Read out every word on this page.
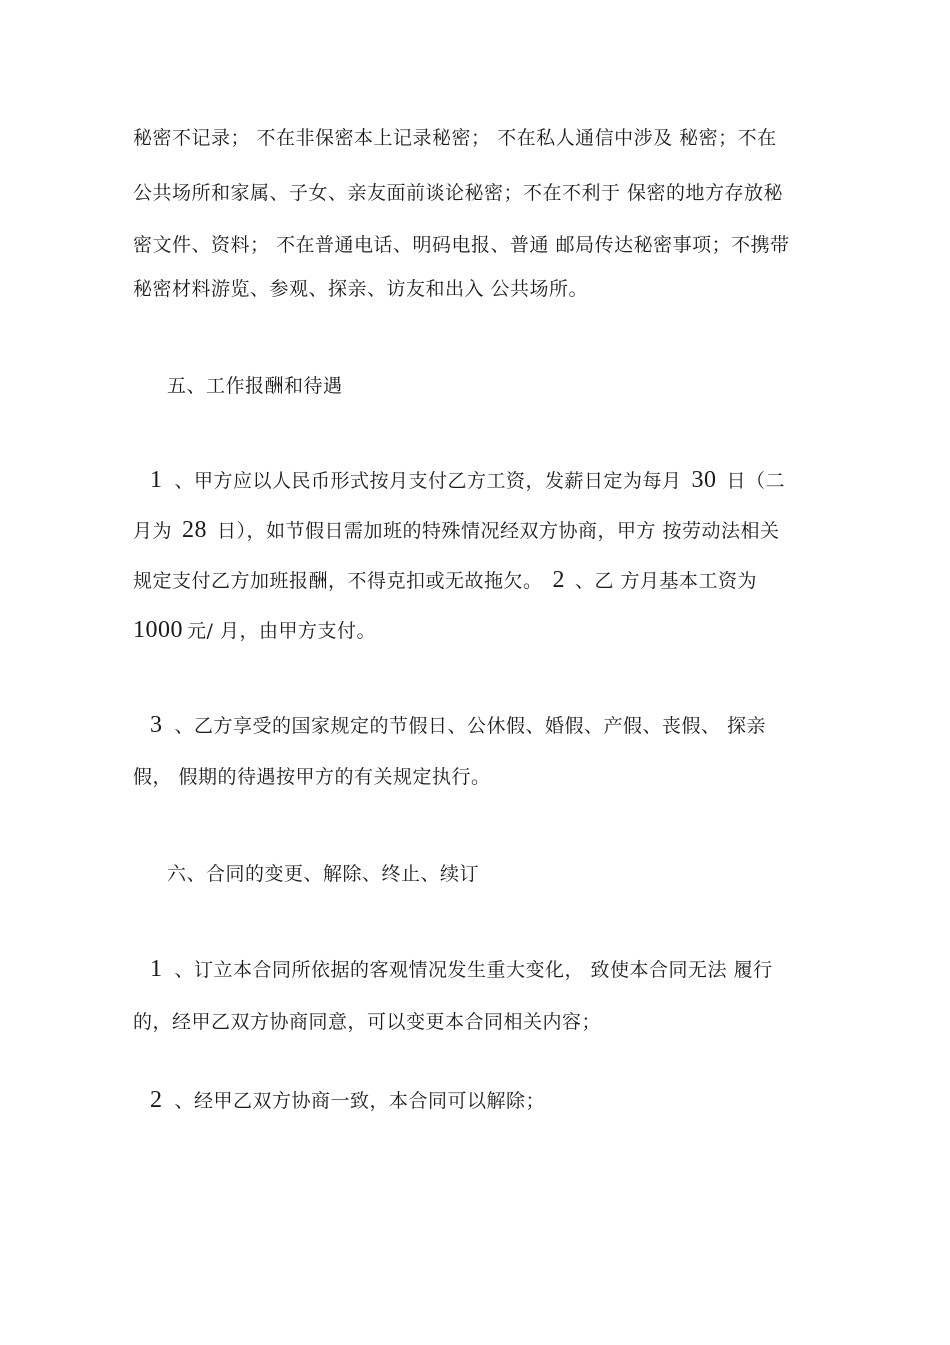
秘密不记录； 不在非保密本上记录秘密； 不在私人通信中涉及 秘密；不在
公共场所和家属、子女、亲友面前谈论秘密；不在不利于 保密的地方存放秘
密文件、资料； 不在普通电话、明码电报、普通 邮局传达秘密事项；不携带
秘密材料游览、参观、探亲、访友和出入 公共场所。
五、工作报酬和待遇
1 、甲方应以人民币形式按月支付乙方工资，发薪日定为每月 30 日（二
月为 28 日），如节假日需加班的特殊情况经双方协商，甲方 按劳动法相关
规定支付乙方加班报酬，不得克扣或无故拖欠。 2 、乙 方月基本工资为
1000 元/ 月，由甲方支付。
3 、乙方享受的国家规定的节假日、公休假、婚假、产假、丧假、 探亲
假， 假期的待遇按甲方的有关规定执行。
六、合同的变更、解除、终止、续订
1 、订立本合同所依据的客观情况发生重大变化， 致使本合同无法 履行
的，经甲乙双方协商同意，可以变更本合同相关内容；
2 、经甲乙双方协商一致，本合同可以解除；
